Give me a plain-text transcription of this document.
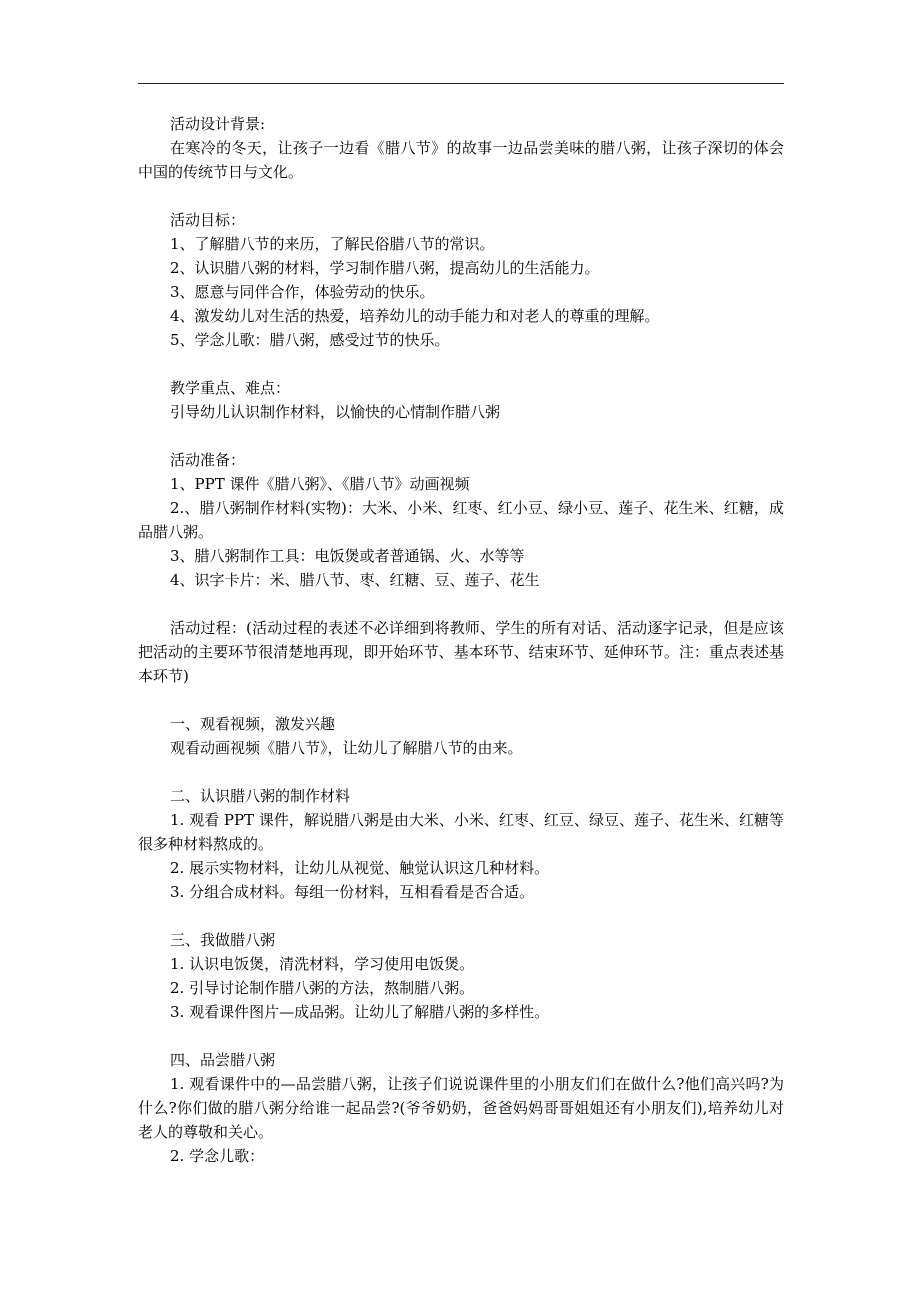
活动设计背景:

在寒冷的冬天，让孩子一边看《腊八节》的故事一边品尝美味的腊八粥，让孩子深切的体会中国的传统节日与文化。

活动目标：

1、了解腊八节的来历，了解民俗腊八节的常识。

2、认识腊八粥的材料，学习制作腊八粥，提高幼儿的生活能力。

3、愿意与同伴合作，体验劳动的快乐。

4、激发幼儿对生活的热爱，培养幼儿的动手能力和对老人的尊重的理解。

5、学念儿歌：腊八粥，感受过节的快乐。

教学重点、难点：

引导幼儿认识制作材料，以愉快的心情制作腊八粥

活动准备：

1、PPT 课件《腊八粥》、《腊八节》动画视频

2.、腊八粥制作材料(实物)：大米、小米、红枣、红小豆、绿小豆、莲子、花生米、红糖，成品腊八粥。

3、腊八粥制作工具：电饭煲或者普通锅、火、水等等

4、识字卡片：米、腊八节、枣、红糖、豆、莲子、花生

活动过程：(活动过程的表述不必详细到将教师、学生的所有对话、活动逐字记录，但是应该把活动的主要环节很清楚地再现，即开始环节、基本环节、结束环节、延伸环节。注：重点表述基本环节)

一、观看视频，激发兴趣

观看动画视频《腊八节》，让幼儿了解腊八节的由来。

二、认识腊八粥的制作材料

1. 观看 PPT 课件，解说腊八粥是由大米、小米、红枣、红豆、绿豆、莲子、花生米、红糖等很多种材料熬成的。

2. 展示实物材料，让幼儿从视觉、触觉认识这几种材料。

3. 分组合成材料。每组一份材料，互相看看是否合适。

三、我做腊八粥

1. 认识电饭煲，清洗材料，学习使用电饭煲。

2. 引导讨论制作腊八粥的方法，熬制腊八粥。

3. 观看课件图片—成品粥。让幼儿了解腊八粥的多样性。

四、品尝腊八粥

1. 观看课件中的—品尝腊八粥，让孩子们说说课件里的小朋友们们在做什么?他们高兴吗?为什么?你们做的腊八粥分给谁一起品尝?(爷爷奶奶，爸爸妈妈哥哥姐姐还有小朋友们),培养幼儿对老人的尊敬和关心。

2. 学念儿歌：
